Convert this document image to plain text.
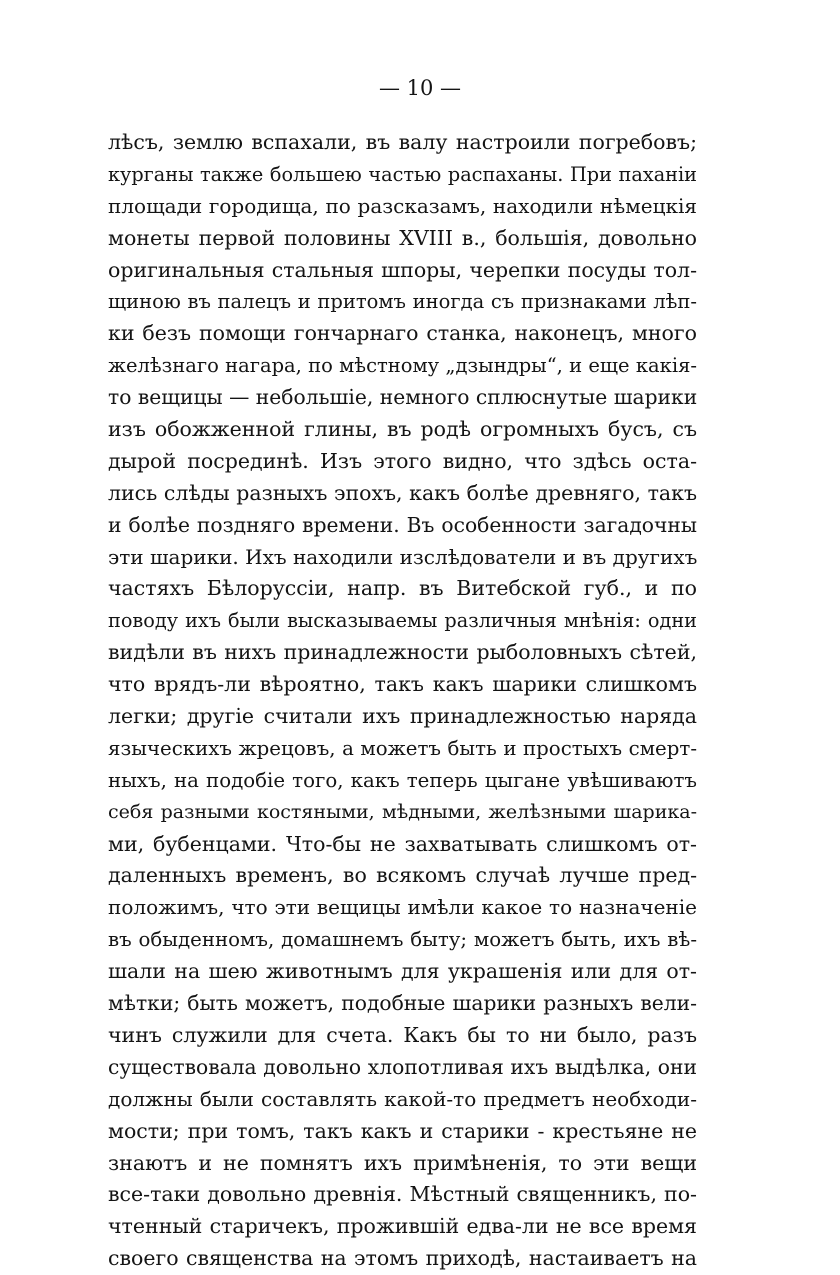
— 10 —
лѣсъ, землю вспахали, въ валу настроили погребовъ;
курганы также большею частью распаханы. При паханіи
площади городища, по разсказамъ, находили нѣмецкія
монеты первой половины XVIII в., большія, довольно
оригинальныя стальныя шпоры, черепки посуды тол-
щиною въ палецъ и притомъ иногда съ признаками лѣп-
ки безъ помощи гончарнаго станка, наконецъ, много
желѣзнаго нагара, по мѣстному „дзындры“, и еще какія-
то вещицы — небольшіе, немного сплюснутые шарики
изъ обожженной глины, въ родѣ огромныхъ бусъ, съ
дырой посрединѣ. Изъ этого видно, что здѣсь оста-
лись слѣды разныхъ эпохъ, какъ болѣе древняго, такъ
и болѣе поздняго времени. Въ особенности загадочны
эти шарики. Ихъ находили изслѣдователи и въ другихъ
частяхъ Бѣлоруссіи, напр. въ Витебской губ., и по
поводу ихъ были высказываемы различныя мнѣнія: одни
видѣли въ нихъ принадлежности рыболовныхъ сѣтей,
что врядъ-ли вѣроятно, такъ какъ шарики слишкомъ
легки; другіе считали ихъ принадлежностью наряда
языческихъ жрецовъ, а можетъ быть и простыхъ смерт-
ныхъ, на подобіе того, какъ теперь цыгане увѣшиваютъ
себя разными костяными, мѣдными, желѣзными шарика-
ми, бубенцами. Что-бы не захватывать слишкомъ от-
даленныхъ временъ, во всякомъ случаѣ лучше пред-
положимъ, что эти вещицы имѣли какое то назначеніе
въ обыденномъ, домашнемъ быту; можетъ быть, ихъ вѣ-
шали на шею животнымъ для украшенія или для от-
мѣтки; быть можетъ, подобные шарики разныхъ вели-
чинъ служили для счета. Какъ бы то ни было, разъ
существовала довольно хлопотливая ихъ выдѣлка, они
должны были составлять какой-то предметъ необходи-
мости; при томъ, такъ какъ и старики - крестьяне не
знаютъ и не помнятъ ихъ примѣненія, то эти вещи
все-таки довольно древнія. Мѣстный священникъ, по-
чтенный старичекъ, прожившій едва-ли не все время
своего священства на этомъ приходѣ, настаиваетъ на
